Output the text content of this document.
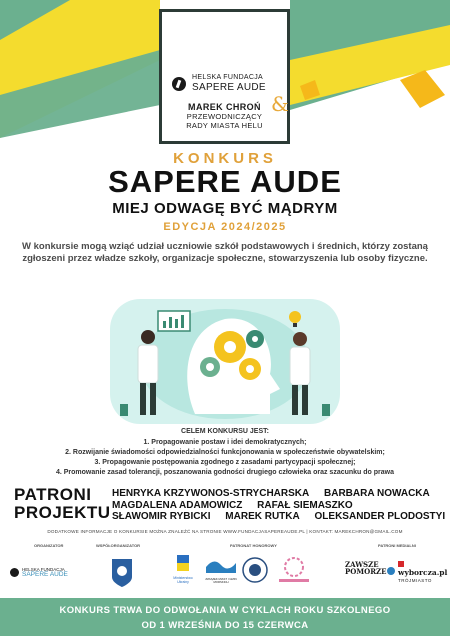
HELSKA FUNDACJA
SAPERE AUDE
&
MAREK CHROŃ
PRZEWODNICZĄCY
RADY MIASTA HELU
KONKURS
SAPERE AUDE
MIEJ ODWAGĘ BYĆ MĄDRYM
EDYCJA 2024/2025
W konkursie mogą wziąć udział uczniowie szkół podstawowych i średnich, którzy zostaną zgłoszeni przez władze szkoły, organizacje społeczne, stowarzyszenia lub osoby fizyczne.
CELEM KONKURSU JEST:
1. Propagowanie postaw i idei demokratycznych;
2. Rozwijanie świadomości odpowiedzialności funkcjonowania w społeczeństwie obywatelskim;
3. Propagowanie postępowania zgodnego z zasadami partycypacji społecznej;
4. Promowanie zasad tolerancji, poszanowania godności drugiego człowieka oraz szacunku do prawa
PATRONI
PROJEKTU
HENRYKA KRZYWONOS-STRYCHARSKA BARBARA NOWACKA
MAGDALENA ADAMOWICZ RAFAŁ SIEMASZKO
SŁAWOMIR RYBICKI MAREK RUTKA OLEKSANDER PLODOSTYI
DODATKOWE INFORMACJE O KONKURSIE MOŻNA ZNALEŹĆ NA STRONIE WWW.FUNDACJASAPEREAUDE.PL | KONTAKT: MAREKCHRON@GMAIL.COM
ORGANIZATOR	WSPÓŁORGANIZATOR	PATRONAT HONOROWY	PATRONI MEDIALNI
HELSKA FUNDACJA
SAPERE AUDE	Ministerstwo Ukrainy
ZWIĄZEK MIAST I GMIN MORSKICH
ZAWSZE
POMORZE wyborcza.pl
TRÓJMIASTO
KONKURS TRWA DO ODWOŁANIA W CYKLACH ROKU SZKOLNEGO
OD 1 WRZEŚNIA DO 15 CZERWCA
